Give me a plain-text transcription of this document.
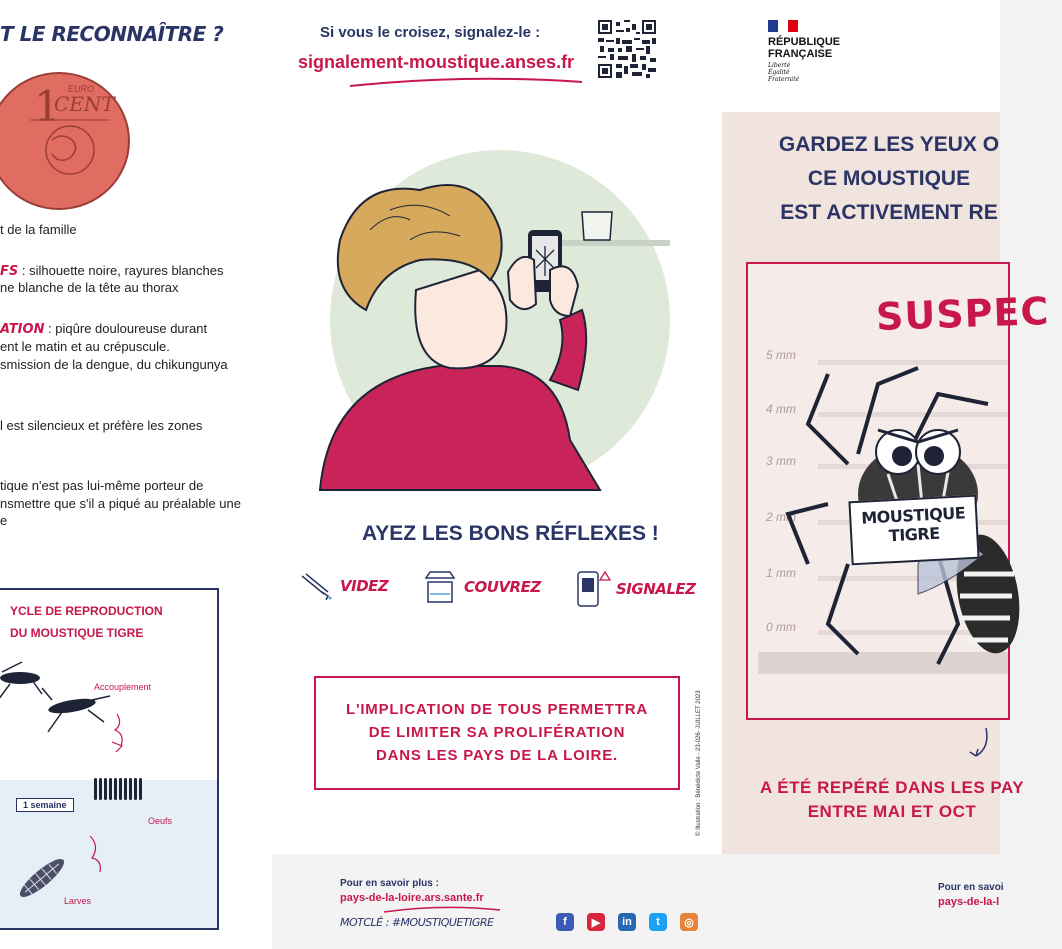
T LE RECONNAÎTRE ?
EURO
CENT
1
t de la famille
FS : silhouette noire, rayures blanches
ne blanche de la tête au thorax
ATION : piqûre douloureuse durant
ent le matin et au crépuscule.
smission de la dengue, du chikungunya
l est silencieux et préfère les zones
tique n'est pas lui-même porteur de
nsmettre que s'il a piqué au préalable une
e
YCLE DE REPRODUCTION
DU MOUSTIQUE TIGRE
Accouplement
1 semaine
Oeufs
Larves
Si vous le croisez, signalez-le :
signalement-moustique.anses.fr
AYEZ LES BONS RÉFLEXES !
VIDEZ	COUVREZ	SIGNALEZ
L'IMPLICATION DE TOUS PERMETTRA
DE LIMITER SA PROLIFÉRATION
DANS LES PAYS DE LA LOIRE.	© Illustration : Bénédicte Valle - 23-026- JUILLET 2023
Pour en savoir plus :
pays-de-la-loire.ars.sante.fr
MOTCLÉ : #MOUSTIQUETIGRE	f	▶	in	t	◎
RÉPUBLIQUE
FRANÇAISE
Liberté
Égalité
Fraternité
GARDEZ LES YEUX O
CE MOUSTIQUE
EST ACTIVEMENT RE
SUSPEC
5 mm
4 mm
3 mm
2 mm
1 mm
0 mm
MOUSTIQUE
TIGRE
A ÉTÉ REPÉRÉ DANS LES PAY
ENTRE MAI ET OCT
Pour en savoi
pays-de-la-l
